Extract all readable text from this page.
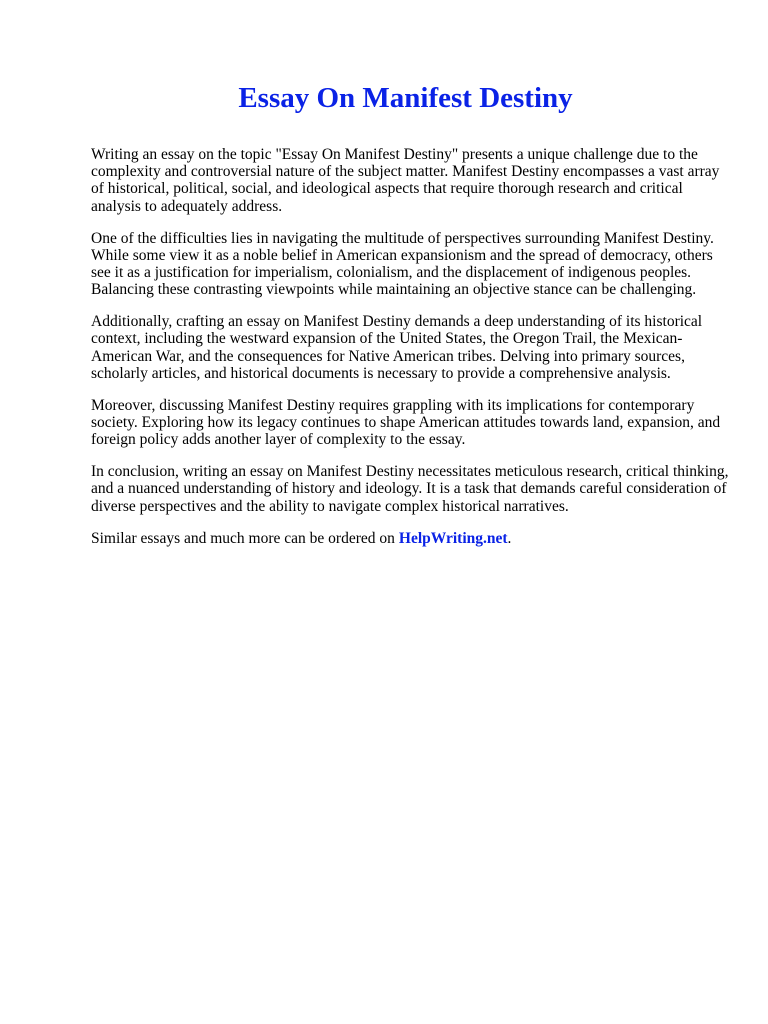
Essay On Manifest Destiny

Writing an essay on the topic "Essay On Manifest Destiny" presents a unique challenge due to the complexity and controversial nature of the subject matter. Manifest Destiny encompasses a vast array of historical, political, social, and ideological aspects that require thorough research and critical analysis to adequately address.

One of the difficulties lies in navigating the multitude of perspectives surrounding Manifest Destiny. While some view it as a noble belief in American expansionism and the spread of democracy, others see it as a justification for imperialism, colonialism, and the displacement of indigenous peoples. Balancing these contrasting viewpoints while maintaining an objective stance can be challenging.

Additionally, crafting an essay on Manifest Destiny demands a deep understanding of its historical context, including the westward expansion of the United States, the Oregon Trail, the Mexican-American War, and the consequences for Native American tribes. Delving into primary sources, scholarly articles, and historical documents is necessary to provide a comprehensive analysis.

Moreover, discussing Manifest Destiny requires grappling with its implications for contemporary society. Exploring how its legacy continues to shape American attitudes towards land, expansion, and foreign policy adds another layer of complexity to the essay.

In conclusion, writing an essay on Manifest Destiny necessitates meticulous research, critical thinking, and a nuanced understanding of history and ideology. It is a task that demands careful consideration of diverse perspectives and the ability to navigate complex historical narratives.

Similar essays and much more can be ordered on HelpWriting.net.
